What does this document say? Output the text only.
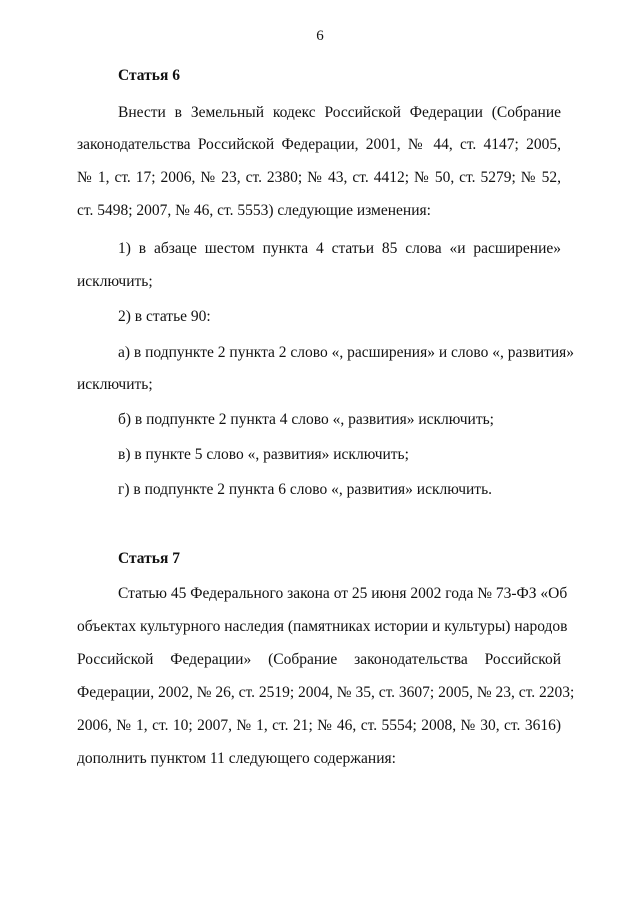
6
Статья 6
Внести в Земельный кодекс Российской Федерации (Собрание
законодательства Российской Федерации, 2001, № 44, ст. 4147; 2005,
№ 1, ст. 17; 2006, № 23, ст. 2380; № 43, ст. 4412; № 50, ст. 5279; № 52,
ст. 5498; 2007, № 46, ст. 5553) следующие изменения:
1) в абзаце шестом пункта 4 статьи 85 слова «и расширение»
исключить;
2) в статье 90:
а) в подпункте 2 пункта 2 слово «, расширения» и слово «, развития»
исключить;
б) в подпункте 2 пункта 4 слово «, развития» исключить;
в) в пункте 5 слово «, развития» исключить;
г) в подпункте 2 пункта 6 слово «, развития» исключить.
Статья 7
Статью 45 Федерального закона от 25 июня 2002 года № 73-ФЗ «Об
объектах культурного наследия (памятниках истории и культуры) народов
Российской Федерации» (Собрание законодательства Российской
Федерации, 2002, № 26, ст. 2519; 2004, № 35, ст. 3607; 2005, № 23, ст. 2203;
2006, № 1, ст. 10; 2007, № 1, ст. 21; № 46, ст. 5554; 2008, № 30, ст. 3616)
дополнить пунктом 11 следующего содержания:
